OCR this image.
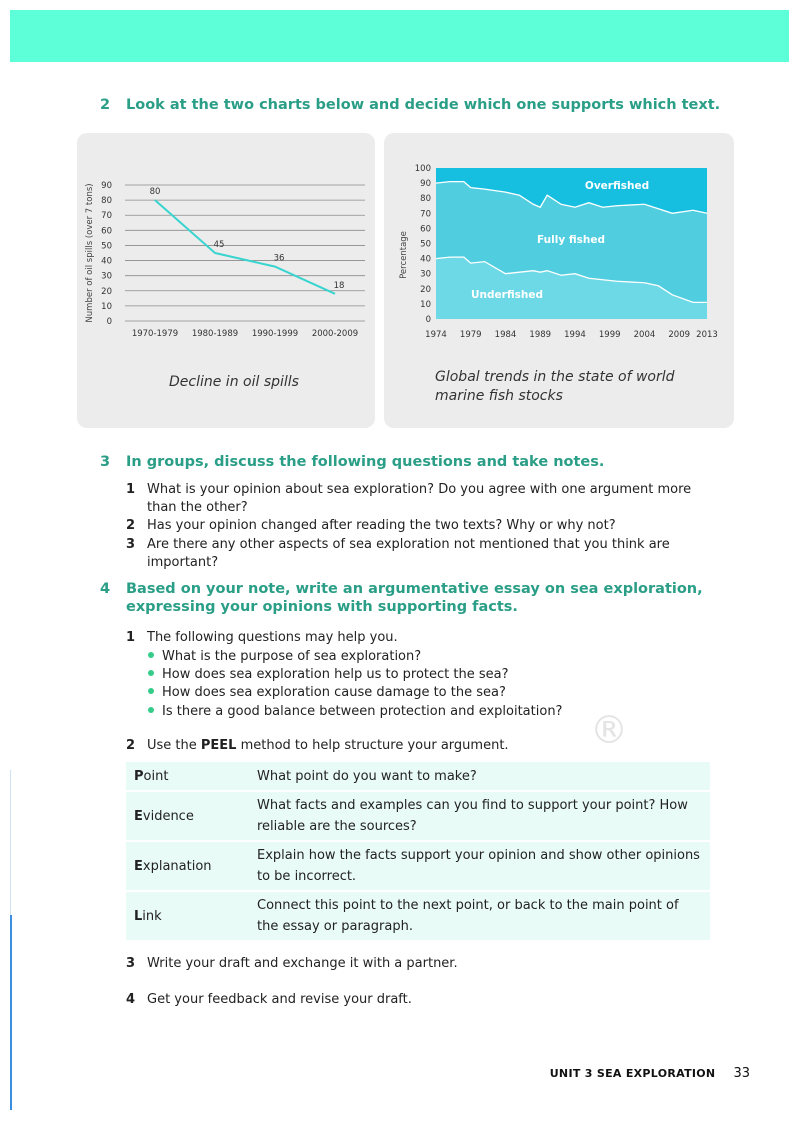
2 Look at the two charts below and decide which one supports which text.
0
10
20
30
40
50
60
70
80
90
1970-1979 1980-1989 1990-1999 2000-2009
80
45
36
18
Number of oil spills (over 7 tons)
Decline in oil spills
0
10
20
30
40
50
60
70
80
90
100
1974 1979 1984 1989 1994 1999 2004 2009 2013
Overfished
Fully fished
Underfished
Percentage
Global trends in the state of world marine fish stocks
3 In groups, discuss the following questions and take notes.
1 What is your opinion about sea exploration? Do you agree with one argument more than the other?
2 Has your opinion changed after reading the two texts? Why or why not?
3 Are there any other aspects of sea exploration not mentioned that you think are important?
4 Based on your note, write an argumentative essay on sea exploration, expressing your opinions with supporting facts.
1 The following questions may help you.
What is the purpose of sea exploration?
How does sea exploration help us to protect the sea?
How does sea exploration cause damage to the sea?
Is there a good balance between protection and exploitation? ®
2 Use the PEEL method to help structure your argument.
Point	What point do you want to make?
Evidence	What facts and examples can you find to support your point? How reliable are the sources?
Explanation	Explain how the facts support your opinion and show other opinions to be incorrect.
Link	Connect this point to the next point, or back to the main point of the essay or paragraph.
3 Write your draft and exchange it with a partner.
4 Get your feedback and revise your draft.
UNIT 3 SEA EXPLORATION 33
